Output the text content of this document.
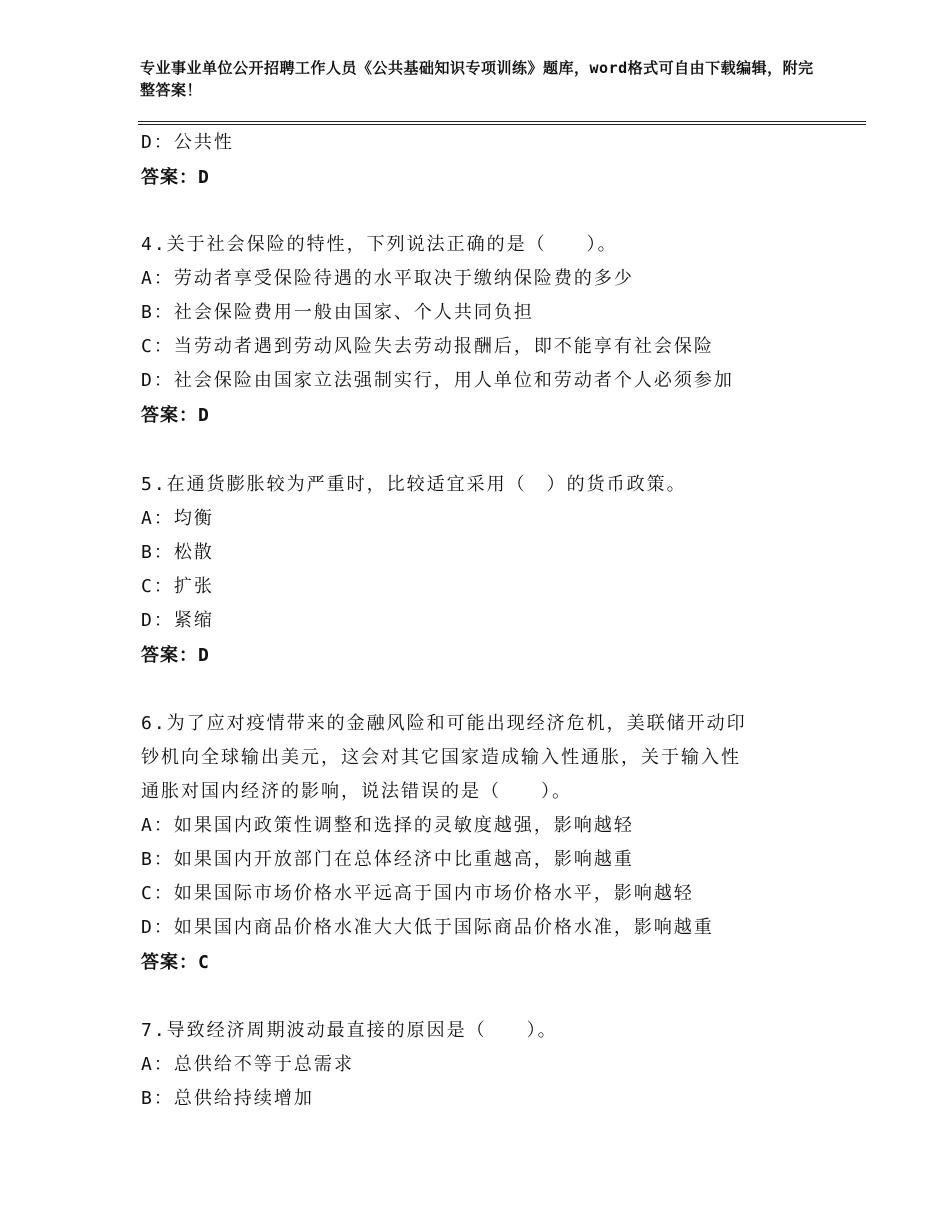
专业事业单位公开招聘工作人员《公共基础知识专项训练》题库，word格式可自由下载编辑，附完整答案！
D：公共性
答案：D
4.关于社会保险的特性，下列说法正确的是（　　）。
A：劳动者享受保险待遇的水平取决于缴纳保险费的多少
B：社会保险费用一般由国家、个人共同负担
C：当劳动者遇到劳动风险失去劳动报酬后，即不能享有社会保险
D：社会保险由国家立法强制实行，用人单位和劳动者个人必须参加
答案：D
5.在通货膨胀较为严重时，比较适宜采用（　）的货币政策。
A：均衡
B：松散
C：扩张
D：紧缩
答案：D
6.为了应对疫情带来的金融风险和可能出现经济危机，美联储开动印
钞机向全球输出美元，这会对其它国家造成输入性通胀，关于输入性
通胀对国内经济的影响，说法错误的是（　　）。
A：如果国内政策性调整和选择的灵敏度越强，影响越轻
B：如果国内开放部门在总体经济中比重越高，影响越重
C：如果国际市场价格水平远高于国内市场价格水平，影响越轻
D：如果国内商品价格水准大大低于国际商品价格水准，影响越重
答案：C
7.导致经济周期波动最直接的原因是（　　）。
A：总供给不等于总需求
B：总供给持续增加
